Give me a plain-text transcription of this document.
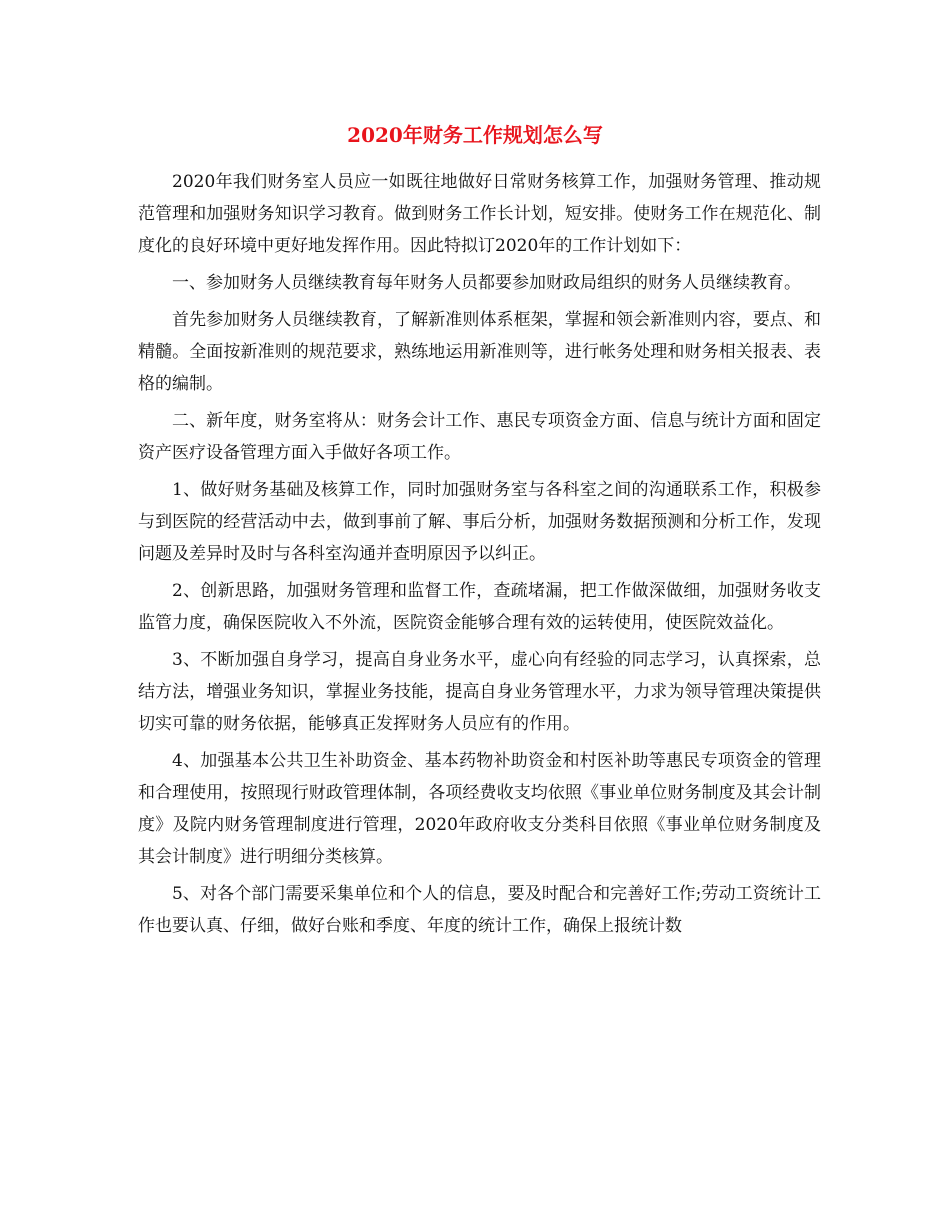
2020年财务工作规划怎么写

2020年我们财务室人员应一如既往地做好日常财务核算工作，加强财务管理、推动规范管理和加强财务知识学习教育。做到财务工作长计划，短安排。使财务工作在规范化、制度化的良好环境中更好地发挥作用。因此特拟订2020年的工作计划如下：

一、参加财务人员继续教育每年财务人员都要参加财政局组织的财务人员继续教育。

首先参加财务人员继续教育，了解新准则体系框架，掌握和领会新准则内容，要点、和精髓。全面按新准则的规范要求，熟练地运用新准则等，进行帐务处理和财务相关报表、表格的编制。

二、新年度，财务室将从：财务会计工作、惠民专项资金方面、信息与统计方面和固定资产医疗设备管理方面入手做好各项工作。

1、做好财务基础及核算工作，同时加强财务室与各科室之间的沟通联系工作，积极参与到医院的经营活动中去，做到事前了解、事后分析，加强财务数据预测和分析工作，发现问题及差异时及时与各科室沟通并查明原因予以纠正。

2、创新思路，加强财务管理和监督工作，查疏堵漏，把工作做深做细，加强财务收支监管力度，确保医院收入不外流，医院资金能够合理有效的运转使用，使医院效益化。

3、不断加强自身学习，提高自身业务水平，虚心向有经验的同志学习，认真探索，总结方法，增强业务知识，掌握业务技能，提高自身业务管理水平，力求为领导管理决策提供切实可靠的财务依据，能够真正发挥财务人员应有的作用。

4、加强基本公共卫生补助资金、基本药物补助资金和村医补助等惠民专项资金的管理和合理使用，按照现行财政管理体制，各项经费收支均依照《事业单位财务制度及其会计制度》及院内财务管理制度进行管理，2020年政府收支分类科目依照《事业单位财务制度及其会计制度》进行明细分类核算。

5、对各个部门需要采集单位和个人的信息，要及时配合和完善好工作;劳动工资统计工作也要认真、仔细，做好台账和季度、年度的统计工作，确保上报统计数
